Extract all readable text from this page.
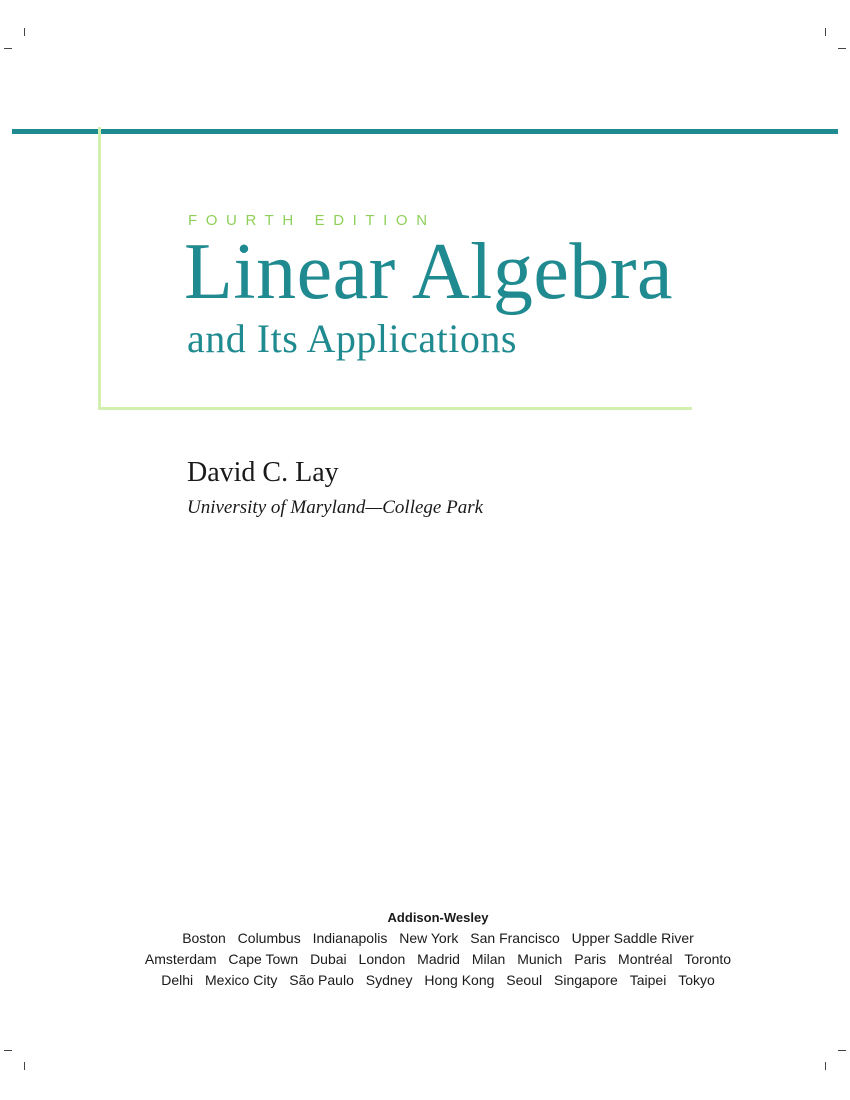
FOURTH EDITION
Linear Algebra
and Its Applications
David C. Lay
University of Maryland—College Park
Addison-Wesley
Boston Columbus Indianapolis New York San Francisco Upper Saddle River
Amsterdam Cape Town Dubai London Madrid Milan Munich Paris Montréal Toronto
Delhi Mexico City São Paulo Sydney Hong Kong Seoul Singapore Taipei Tokyo
